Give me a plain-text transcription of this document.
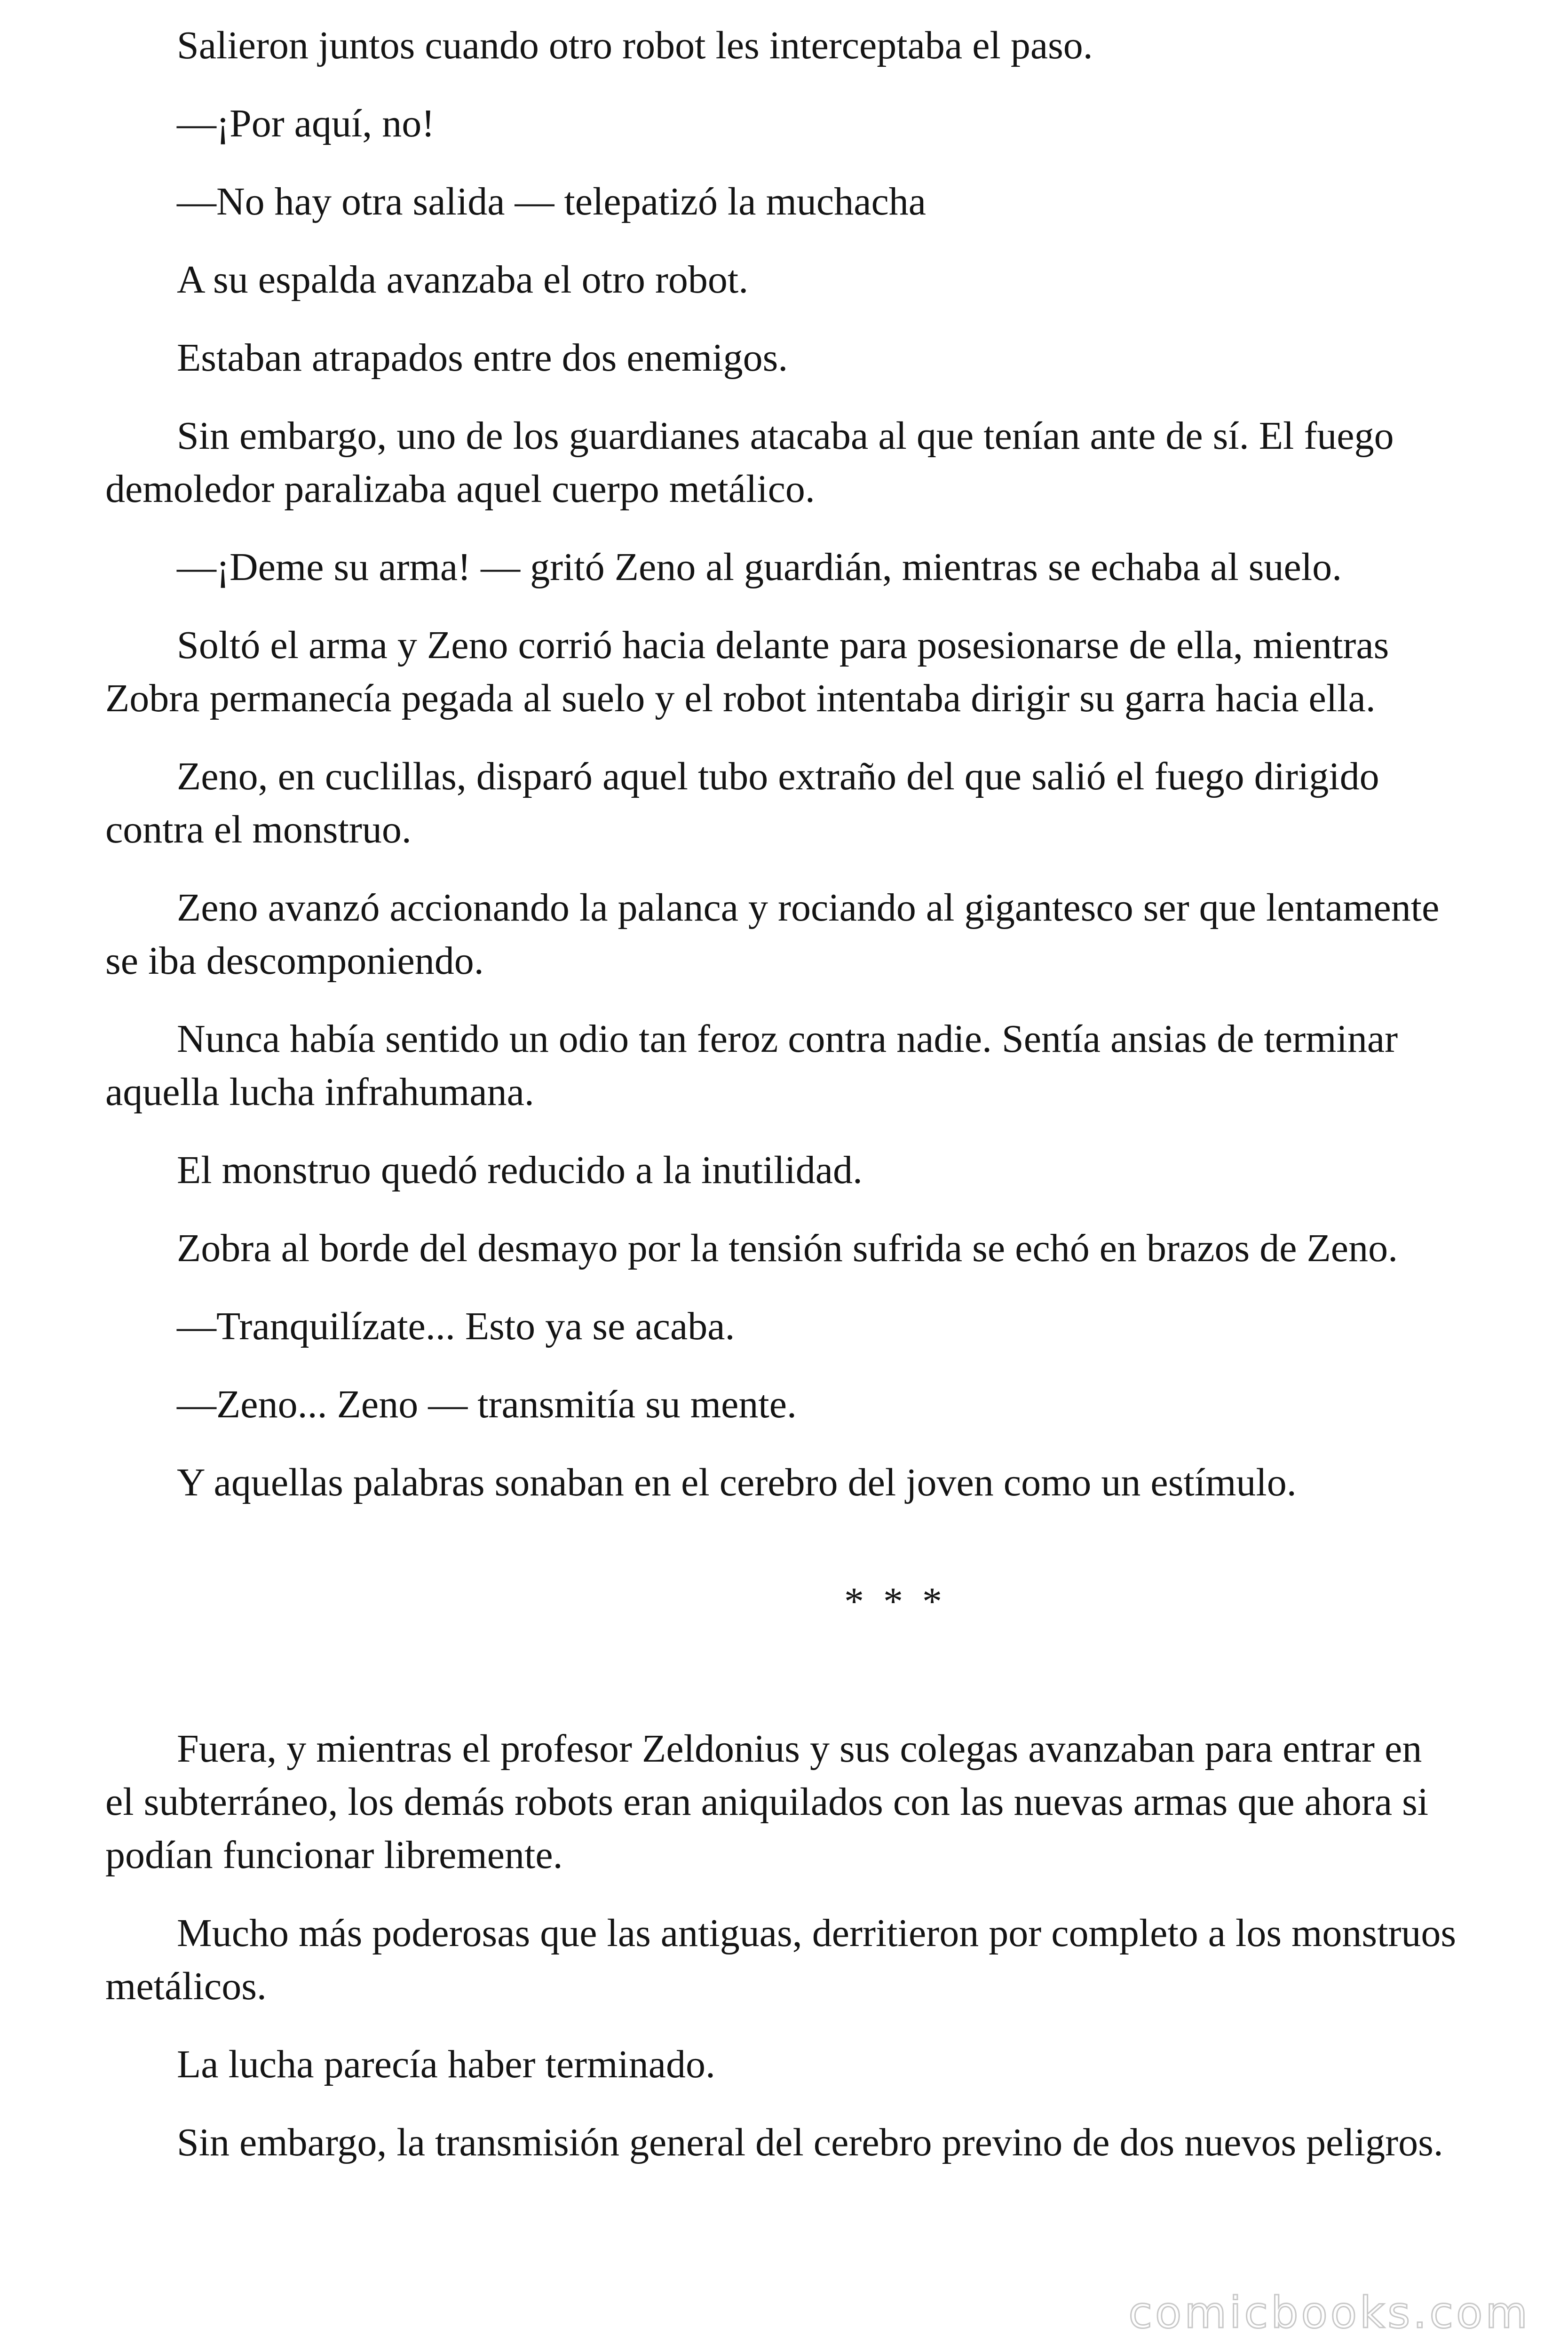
Salieron juntos cuando otro robot les interceptaba el paso.

—¡Por aquí, no!

—No hay otra salida — telepatizó la muchacha

A su espalda avanzaba el otro robot.

Estaban atrapados entre dos enemigos.

Sin embargo, uno de los guardianes atacaba al que tenían ante de sí. El fuego demoledor paralizaba aquel cuerpo metálico.

—¡Deme su arma! — gritó Zeno al guardián, mientras se echaba al suelo.

Soltó el arma y Zeno corrió hacia delante para posesionarse de ella, mientras Zobra permanecía pegada al suelo y el robot intentaba dirigir su garra hacia ella.

Zeno, en cuclillas, disparó aquel tubo extraño del que salió el fuego dirigido contra el monstruo.

Zeno avanzó accionando la palanca y rociando al gigantesco ser que lentamente se iba descomponiendo.

Nunca había sentido un odio tan feroz contra nadie. Sentía ansias de terminar aquella lucha infrahumana.

El monstruo quedó reducido a la inutilidad.

Zobra al borde del desmayo por la tensión sufrida se echó en brazos de Zeno.

—Tranquilízate... Esto ya se acaba.

—Zeno... Zeno — transmitía su mente.

Y aquellas palabras sonaban en el cerebro del joven como un estímulo.

* * *

Fuera, y mientras el profesor Zeldonius y sus colegas avanzaban para entrar en el subterráneo, los demás robots eran aniquilados con las nuevas armas que ahora si podían funcionar libremente.

Mucho más poderosas que las antiguas, derritieron por completo a los monstruos metálicos.

La lucha parecía haber terminado.

Sin embargo, la transmisión general del cerebro previno de dos nuevos peligros.

comicbooks.com
